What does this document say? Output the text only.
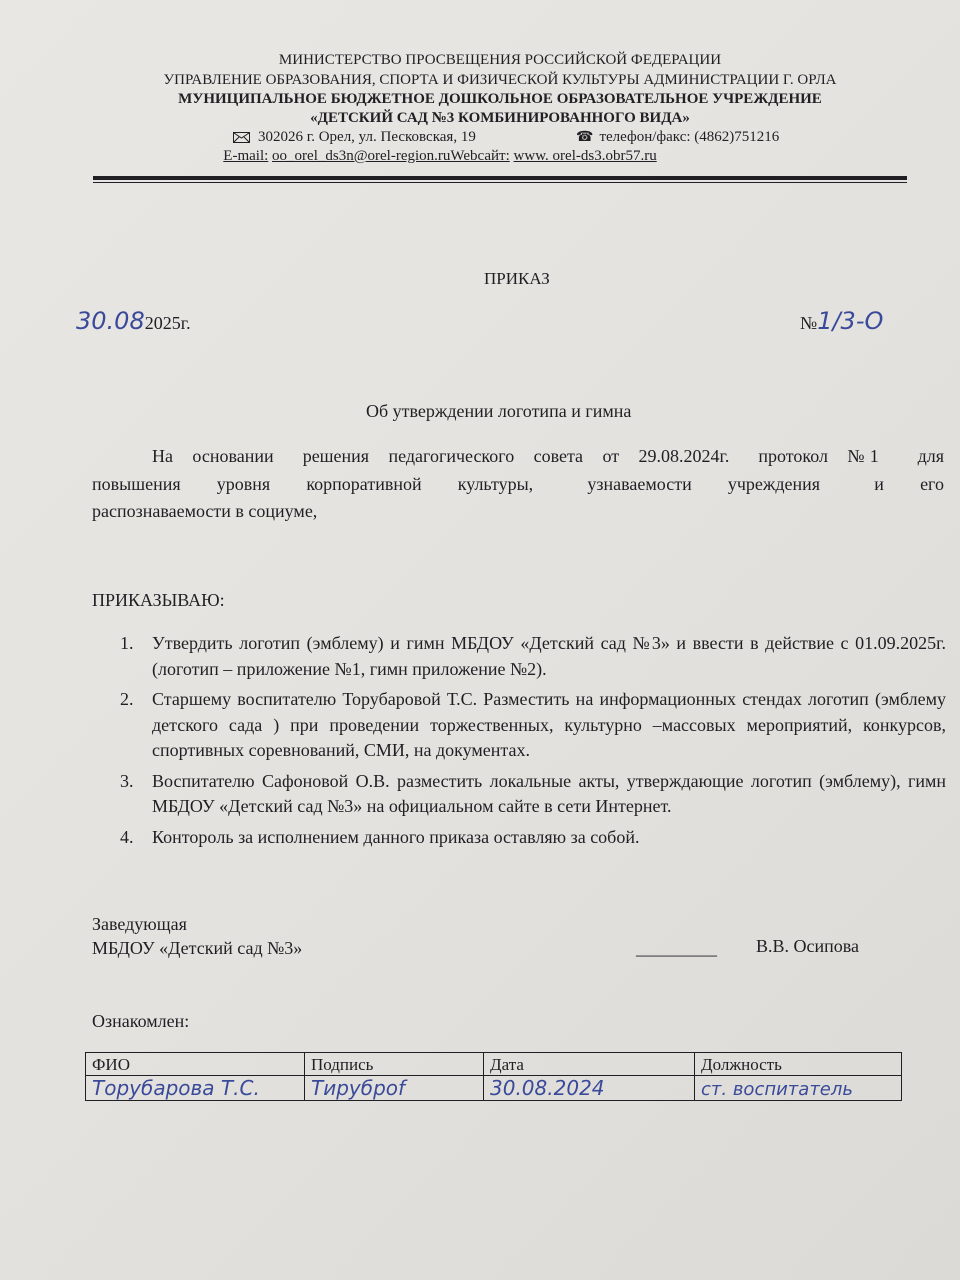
МИНИСТЕРСТВО ПРОСВЕЩЕНИЯ РОССИЙСКОЙ ФЕДЕРАЦИИ
УПРАВЛЕНИЕ ОБРАЗОВАНИЯ, СПОРТА И ФИЗИЧЕСКОЙ КУЛЬТУРЫ АДМИНИСТРАЦИИ Г. ОРЛА
МУНИЦИПАЛЬНОЕ БЮДЖЕТНОЕ ДОШКОЛЬНОЕ ОБРАЗОВАТЕЛЬНОЕ УЧРЕЖДЕНИЕ
«ДЕТСКИЙ САД №3 КОМБИНИРОВАННОГО ВИДА»
302026 г. Орел, ул. Песковская, 19	☎ телефон/факс: (4862)751216
E-mail: oo_orel_ds3n@orel-region.ruWebсайт: www. orel-ds3.obr57.ru
ПРИКАЗ
30.082025г.	№1/3-О
Об утверждении логотипа и гимна
На  основании   решения  педагогического  совета  от  29.08.2024г.   протокол  №1    для
повышения    уровня    корпоративной    культуры,      узнаваемости    учреждения      и    его
распознаваемости в социуме,
ПРИКАЗЫВАЮ:
1. Утвердить логотип (эмблему) и гимн МБДОУ «Детский сад №3» и ввести в действие с 01.09.2025г. (логотип – приложение №1, гимн приложение №2).
2. Старшему воспитателю Торубаровой Т.С. Разместить на информационных стендах логотип (эмблему детского сада ) при проведении торжественных, культурно –массовых мероприятий, конкурсов, спортивных соревнований, СМИ, на документах.
3. Воспитателю Сафоновой О.В. разместить локальные акты, утверждающие логотип (эмблему), гимн МБДОУ «Детский сад №3» на официальном сайте в сети Интернет.
4. Конторoль за исполнением данного приказа оставляю за собой.
Заведующая
МБДОУ «Детский сад №3»	_________ В.В. Осипова
Ознакомлен:
ФИО	Подпись	Дата	Должность
Торубарова Т.С.	Тируброf	30.08.2024	ст. воспитатель
